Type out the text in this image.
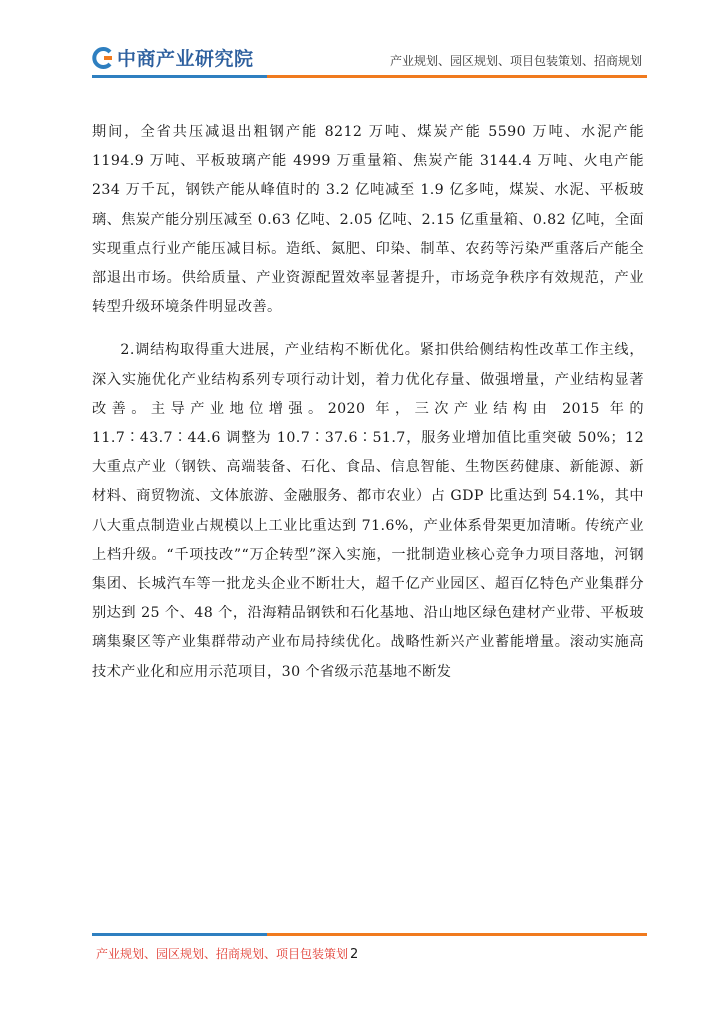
中商产业研究院	产业规划、园区规划、项目包装策划、招商规划

期间，全省共压减退出粗钢产能 8212 万吨、煤炭产能 5590 万吨、水泥产能 1194.9 万吨、平板玻璃产能 4999 万重量箱、焦炭产能 3144.4 万吨、火电产能 234 万千瓦，钢铁产能从峰值时的 3.2 亿吨减至 1.9 亿多吨，煤炭、水泥、平板玻璃、焦炭产能分别压减至 0.63 亿吨、2.05 亿吨、2.15 亿重量箱、0.82 亿吨，全面实现重点行业产能压减目标。造纸、氮肥、印染、制革、农药等污染严重落后产能全部退出市场。供给质量、产业资源配置效率显著提升，市场竞争秩序有效规范，产业转型升级环境条件明显改善。

2.调结构取得重大进展，产业结构不断优化。紧扣供给侧结构性改革工作主线，深入实施优化产业结构系列专项行动计划，着力优化存量、做强增量，产业结构显著改善。主导产业地位增强。2020 年，三次产业结构由 2015 年的 11.7∶43.7∶44.6 调整为 10.7∶37.6∶51.7，服务业增加值比重突破 50%；12 大重点产业（钢铁、高端装备、石化、食品、信息智能、生物医药健康、新能源、新材料、商贸物流、文体旅游、金融服务、都市农业）占 GDP 比重达到 54.1%，其中八大重点制造业占规模以上工业比重达到 71.6%，产业体系骨架更加清晰。传统产业上档升级。“千项技改”“万企转型”深入实施，一批制造业核心竞争力项目落地，河钢集团、长城汽车等一批龙头企业不断壮大，超千亿产业园区、超百亿特色产业集群分别达到 25 个、48 个，沿海精品钢铁和石化基地、沿山地区绿色建材产业带、平板玻璃集聚区等产业集群带动产业布局持续优化。战略性新兴产业蓄能增量。滚动实施高技术产业化和应用示范项目，30 个省级示范基地不断发

产业规划、园区规划、招商规划、项目包装策划 2
